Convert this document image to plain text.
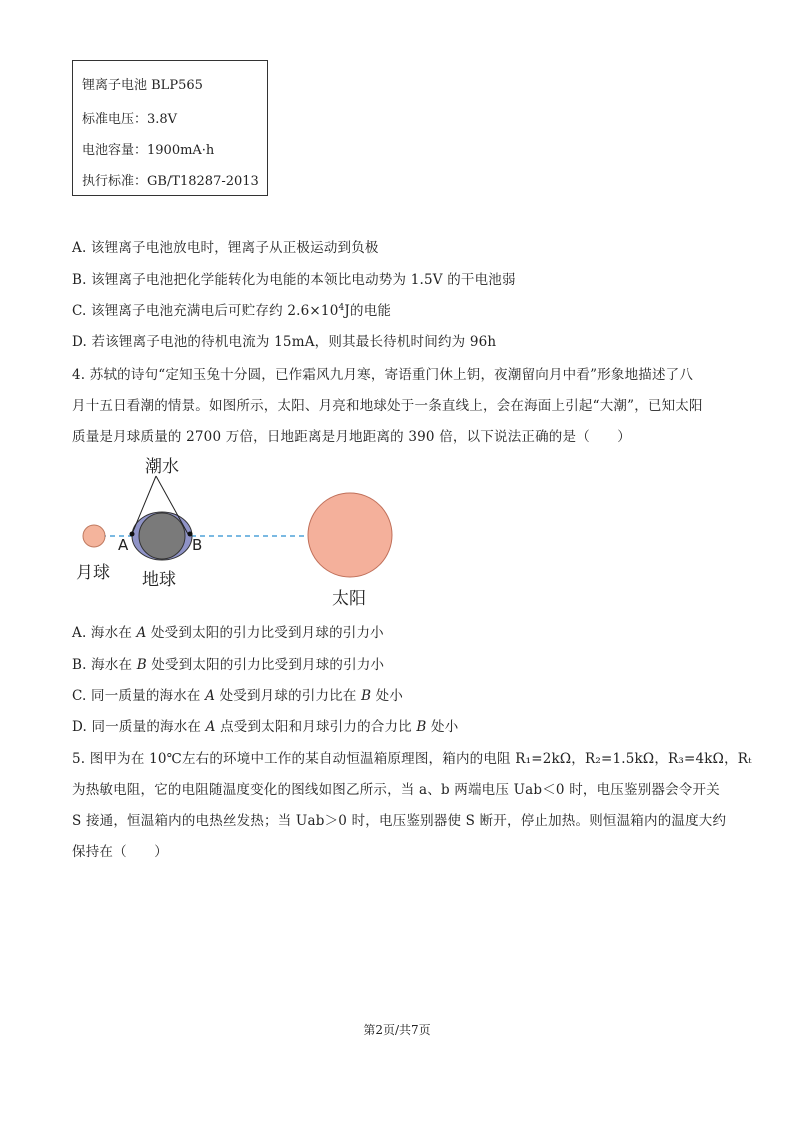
锂离子电池 BLP565
标准电压：3.8V
电池容量：1900mA·h
执行标准：GB/T18287-2013
A. 该锂离子电池放电时，锂离子从正极运动到负极
B. 该锂离子电池把化学能转化为电能的本领比电动势为 1.5V 的干电池弱
C. 该锂离子电池充满电后可贮存约 $2.6\times 10^4J$的电能
D. 若该锂离子电池的待机电流为 15mA，则其最长待机时间约为 96h
4. 苏轼的诗句“定知玉兔十分圆，已作霜风九月寒，寄语重门休上钥，夜潮留向月中看”形象地描述了八
月十五日看潮的情景。如图所示，太阳、月亮和地球处于一条直线上，会在海面上引起“大潮”，已知太阳
质量是月球质量的 2700 万倍，日地距离是月地距离的 390 倍，以下说法正确的是（　　）
潮水
A	B
月球 地球
太阳
A. 海水在 A 处受到太阳的引力比受到月球的引力小
B. 海水在 B 处受到太阳的引力比受到月球的引力小
C. 同一质量的海水在 A 处受到月球的引力比在 B 处小
D. 同一质量的海水在 A 点受到太阳和月球引力的合力比 B 处小
5. 图甲为在 10℃左右的环境中工作的某自动恒温箱原理图，箱内的电阻 R₁=2kΩ，R₂=1.5kΩ，R₃=4kΩ，Rₜ
为热敏电阻，它的电阻随温度变化的图线如图乙所示，当 a、b 两端电压 Uab＜0 时，电压鉴别器会令开关
S 接通，恒温箱内的电热丝发热；当 Uab＞0 时，电压鉴别器使 S 断开，停止加热。则恒温箱内的温度大约
保持在（　　）
第2页/共7页
